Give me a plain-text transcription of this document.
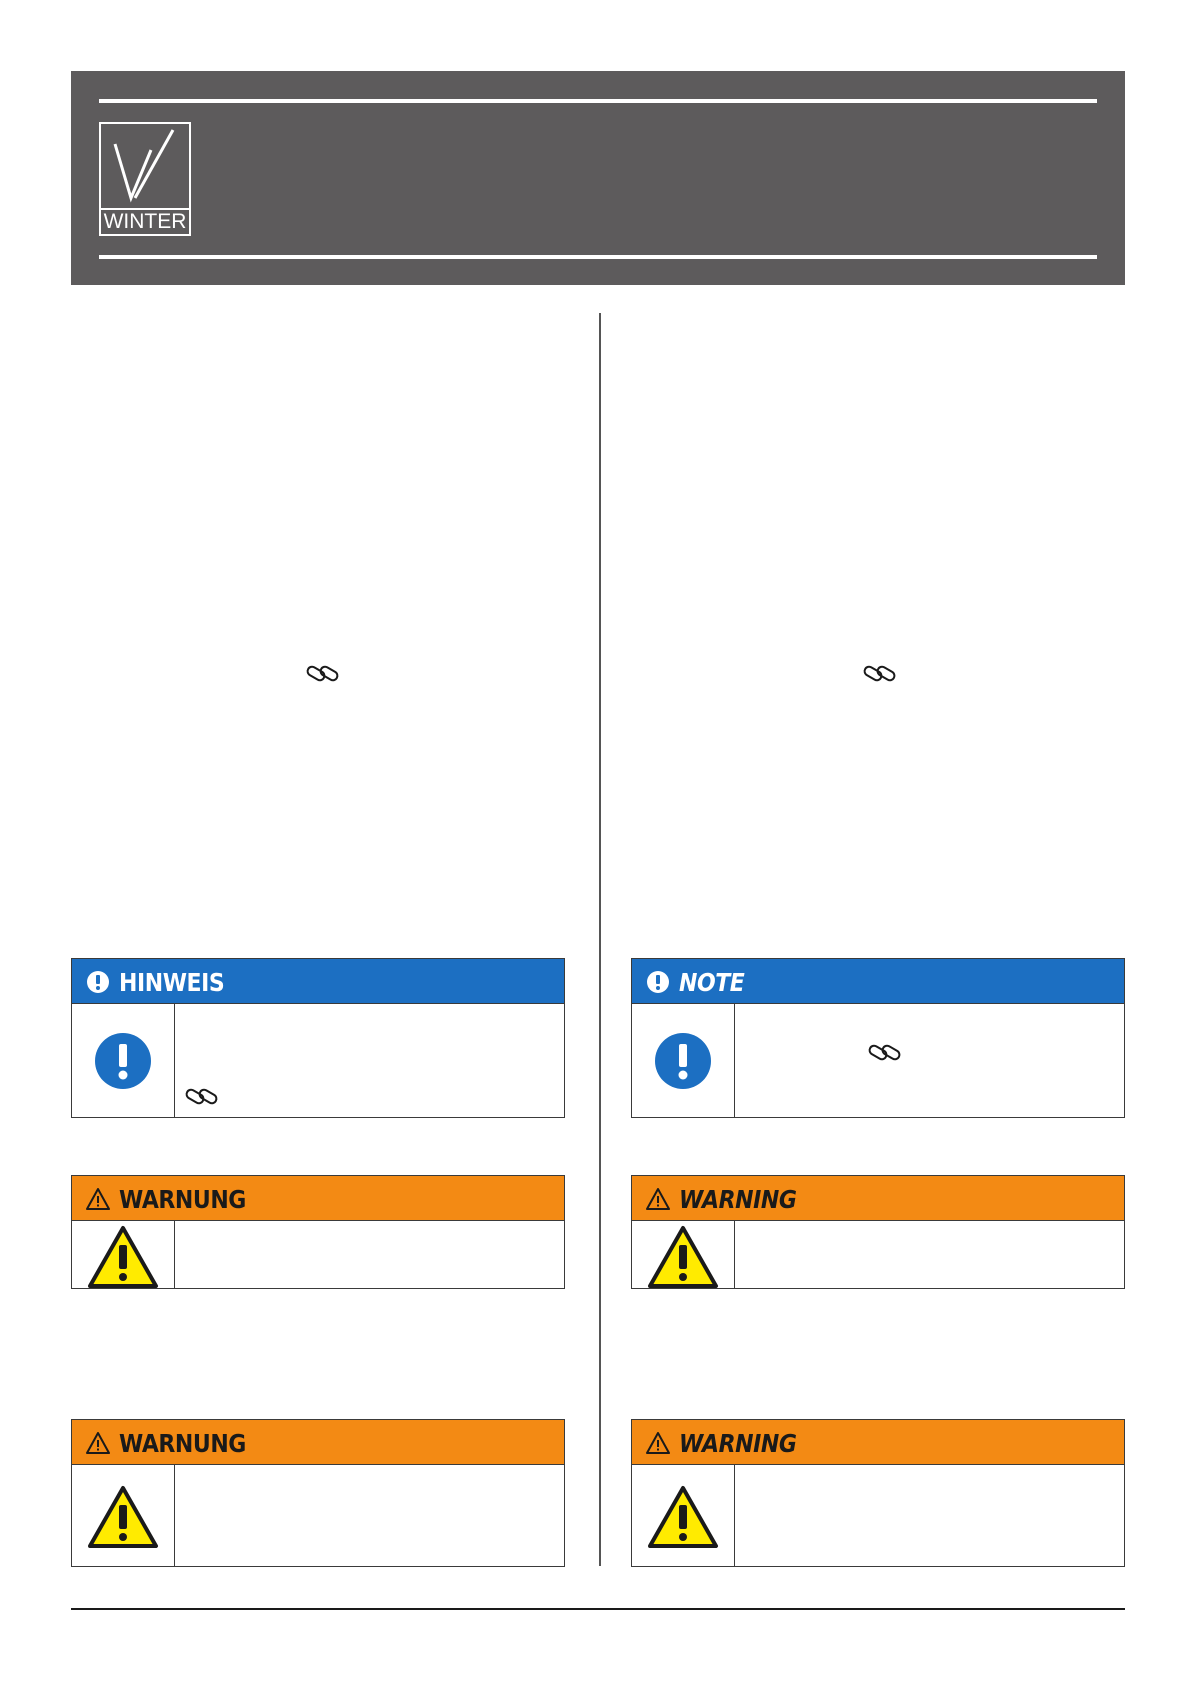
WINTER
HINWEIS	NOTE
WARNUNG	WARNING
WARNUNG	WARNING
